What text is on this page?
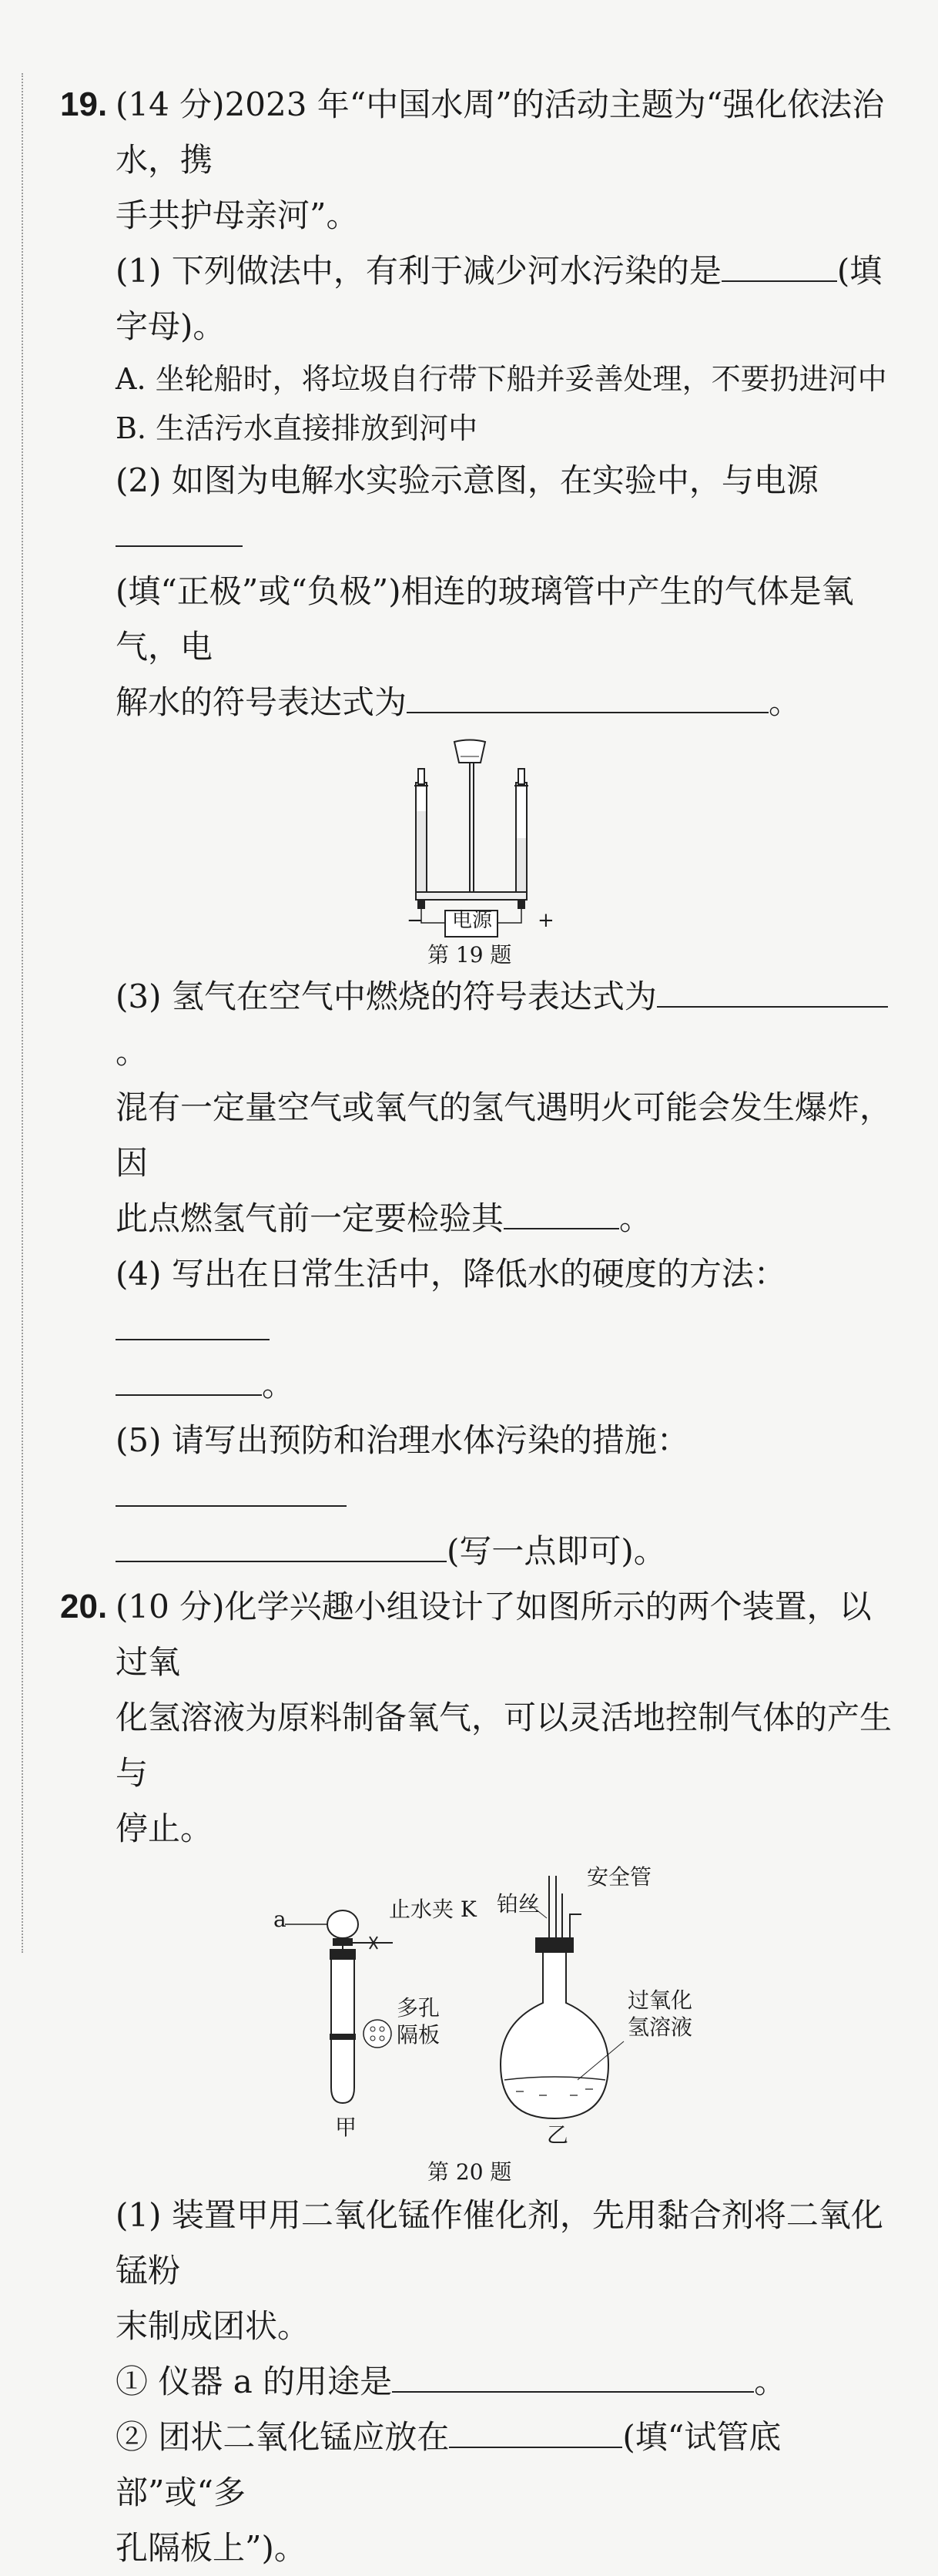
19. (14 分)2023 年“中国水周”的活动主题为“强化依法治水，携
手共护母亲河”。
(1) 下列做法中，有利于减少河水污染的是	(填
字母)。
A. 坐轮船时，将垃圾自行带下船并妥善处理，不要扔进河中
B. 生活污水直接排放到河中
(2) 如图为电解水实验示意图，在实验中，与电源
(填“正极”或“负极”)相连的玻璃管中产生的气体是氧气，电
解水的符号表达式为	。
电源
−	+
第 19 题
(3) 氢气在空气中燃烧的符号表达式为。
混有一定量空气或氧气的氢气遇明火可能会发生爆炸，因
此点燃氢气前一定要检验其	。
(4) 写出在日常生活中，降低水的硬度的方法：
。
(5) 请写出预防和治理水体污染的措施：
(写一点即可)。
20. (10 分)化学兴趣小组设计了如图所示的两个装置，以过氧
化氢溶液为原料制备氧气，可以灵活地控制气体的产生与
停止。
a	止水夹 K
多孔
隔板
甲
安全管
铂丝
过氧化
氢溶液
乙
第 20 题
(1) 装置甲用二氧化锰作催化剂，先用黏合剂将二氧化锰粉
末制成团状。
① 仪器 a 的用途是	。
② 团状二氧化锰应放在	(填“试管底部”或“多
孔隔板上”)。
